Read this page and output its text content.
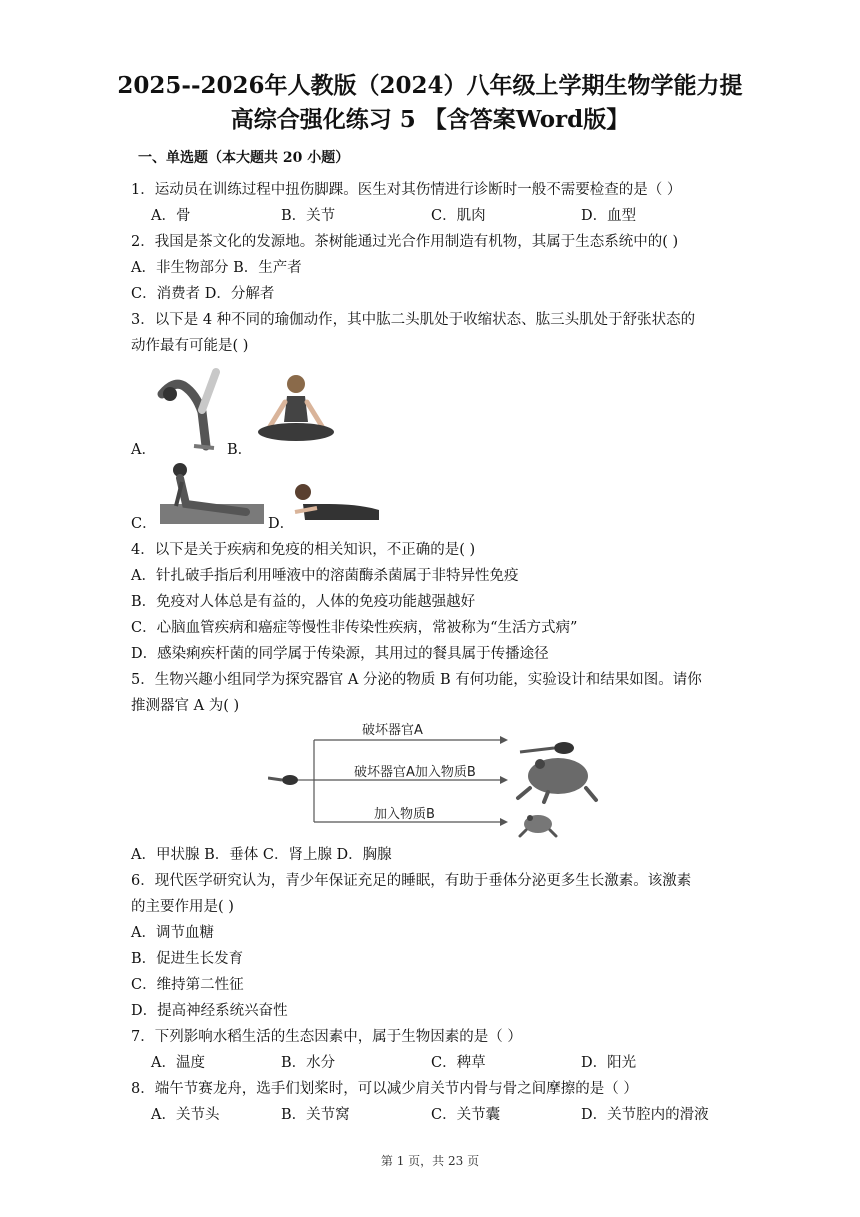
2025--2026年人教版（2024）八年级上学期生物学能力提
高综合强化练习 5 【含答案Word版】
一、单选题（本大题共 20 小题）
1．运动员在训练过程中扭伤脚踝。医生对其伤情进行诊断时一般不需要检查的是（ ）
A．骨	B．关节	C．肌肉	D．血型
2．我国是茶文化的发源地。茶树能通过光合作用制造有机物，其属于生态系统中的( )
A．非生物部分 B．生产者
C．消费者 D．分解者
3．以下是 4 种不同的瑜伽动作，其中肱二头肌处于收缩状态、肱三头肌处于舒张状态的
动作最有可能是( )
A．	B．
C．	D．
4．以下是关于疾病和免疫的相关知识，不正确的是( )
A．针扎破手指后利用唾液中的溶菌酶杀菌属于非特异性免疫
B．免疫对人体总是有益的，人体的免疫功能越强越好
C．心脑血管疾病和癌症等慢性非传染性疾病，常被称为“生活方式病”
D．感染痢疾杆菌的同学属于传染源，其用过的餐具属于传播途径
5．生物兴趣小组同学为探究器官 A 分泌的物质 B 有何功能，实验设计和结果如图。请你
推测器官 A 为( )
破坏器官A
破坏器官A加入物质B
加入物质B
A．甲状腺 B．垂体 C．肾上腺 D．胸腺
6．现代医学研究认为，青少年保证充足的睡眠，有助于垂体分泌更多生长激素。该激素
的主要作用是( )
A．调节血糖
B．促进生长发育
C．维持第二性征
D．提高神经系统兴奋性
7．下列影响水稻生活的生态因素中，属于生物因素的是（ ）
A．温度	B．水分	C．稗草	D．阳光
8．端午节赛龙舟，选手们划桨时，可以减少肩关节内骨与骨之间摩擦的是（ ）
A．关节头	B．关节窝	C．关节囊	D．关节腔内的滑液
第 1 页，共 23 页
